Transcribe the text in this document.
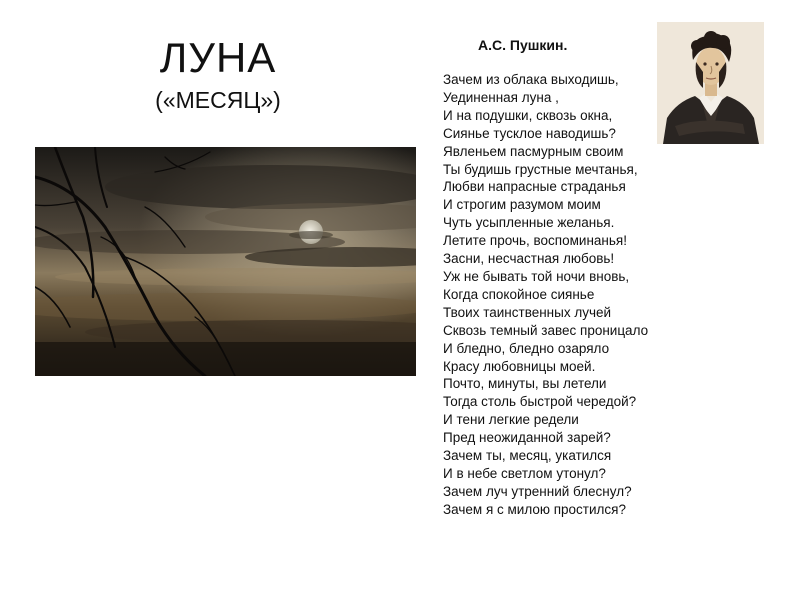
ЛУНА
(«МЕСЯЦ»)
А.С. Пушкин.
Зачем из облака выходишь,
Уединенная луна ,
И на подушки, сквозь окна,
Сиянье тусклое наводишь?
Явленьем пасмурным своим
Ты будишь грустные мечтанья,
Любви напрасные страданья
И строгим разумом моим
Чуть усыпленные желанья.
Летите прочь, воспоминанья!
Засни, несчастная любовь!
Уж не бывать той ночи вновь,
Когда спокойное сиянье
Твоих таинственных лучей
Сквозь темный завес проницало
И бледно, бледно озаряло
Красу любовницы моей.
Почто, минуты, вы летели
Тогда столь быстрой чередой?
И тени легкие редели
Пред неожиданной зарей?
Зачем ты, месяц, укатился
И в небе светлом утонул?
Зачем луч утренний блеснул?
Зачем я с милою простился?
